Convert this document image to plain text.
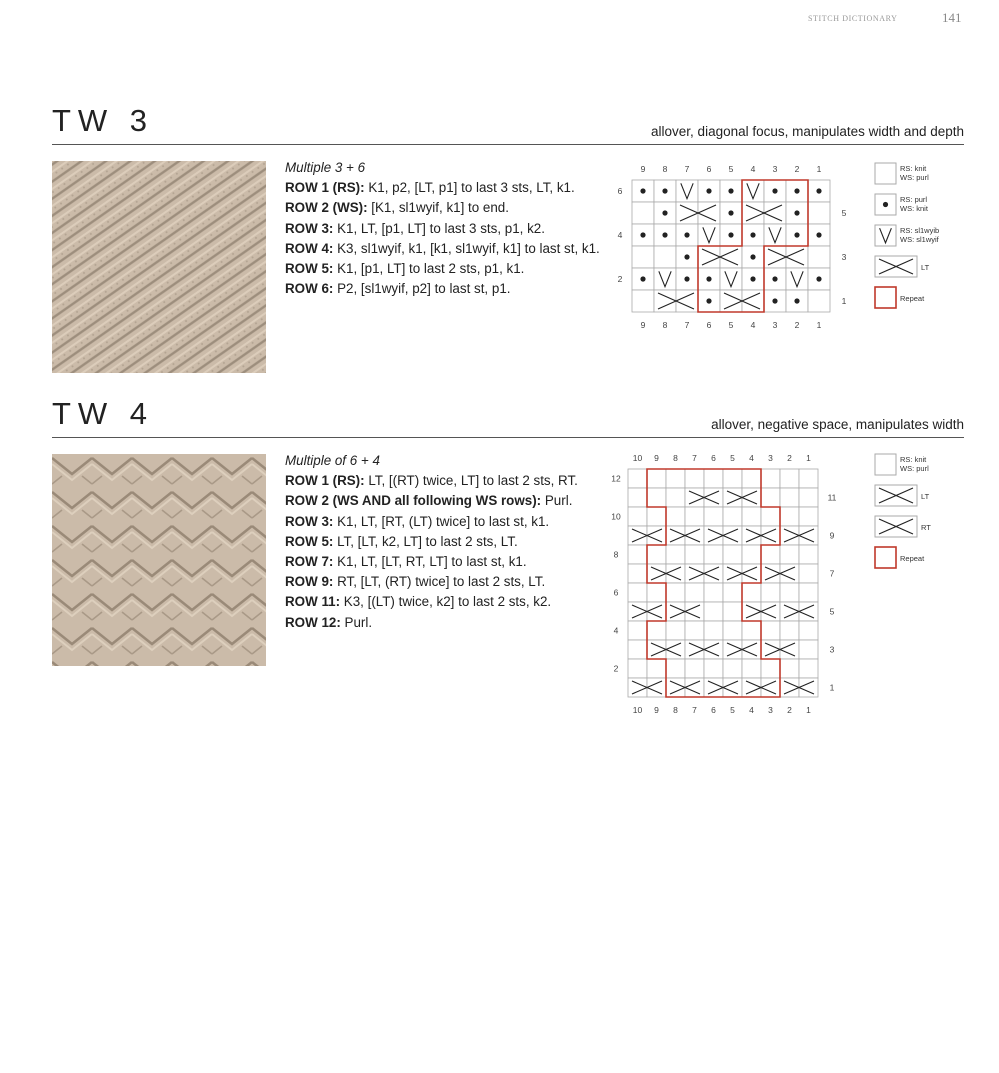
STITCH DICTIONARY	141
TW 3	allover, diagonal focus, manipulates width and depth
Multiple 3 + 6
ROW 1 (RS): K1, p2, [LT, p1] to last 3 sts, LT, k1.
ROW 2 (WS): [K1, sl1wyif, k1] to end.
ROW 3: K1, LT, [p1, LT] to last 3 sts, p1, k2.
ROW 4: K3, sl1wyif, k1, [k1, sl1wyif, k1] to last st, k1.
ROW 5: K1, [p1, LT] to last 2 sts, p1, k1.
ROW 6: P2, [sl1wyif, p2] to last st, p1.
9
9
8
8
7
7
6
6
5
5
4
4
3
3
2
2
1
1
6
5
4
3
2
1
RS: knit
WS: purl
RS: purl
WS: knit
RS: sl1wyib
WS: sl1wyif
LT
Repeat
TW 4	allover, negative space, manipulates width
Multiple of 6 + 4
ROW 1 (RS): LT, [(RT) twice, LT] to last 2 sts, RT.
ROW 2 (WS AND all following WS rows): Purl.
ROW 3: K1, LT, [RT, (LT) twice] to last st, k1.
ROW 5: LT, [LT, k2, LT] to last 2 sts, LT.
ROW 7: K1, LT, [LT, RT, LT] to last st, k1.
ROW 9: RT, [LT, (RT) twice] to last 2 sts, LT.
ROW 11: K3, [(LT) twice, k2] to last 2 sts, k2.
ROW 12: Purl.
10
10
9
9
8
8
7
7
6
6
5
5
4
4
3
3
2
2
1
1
12
11
10
9
8
7
6
5
4
3
2
1
RS: knit
WS: purl
LT
RT
Repeat
